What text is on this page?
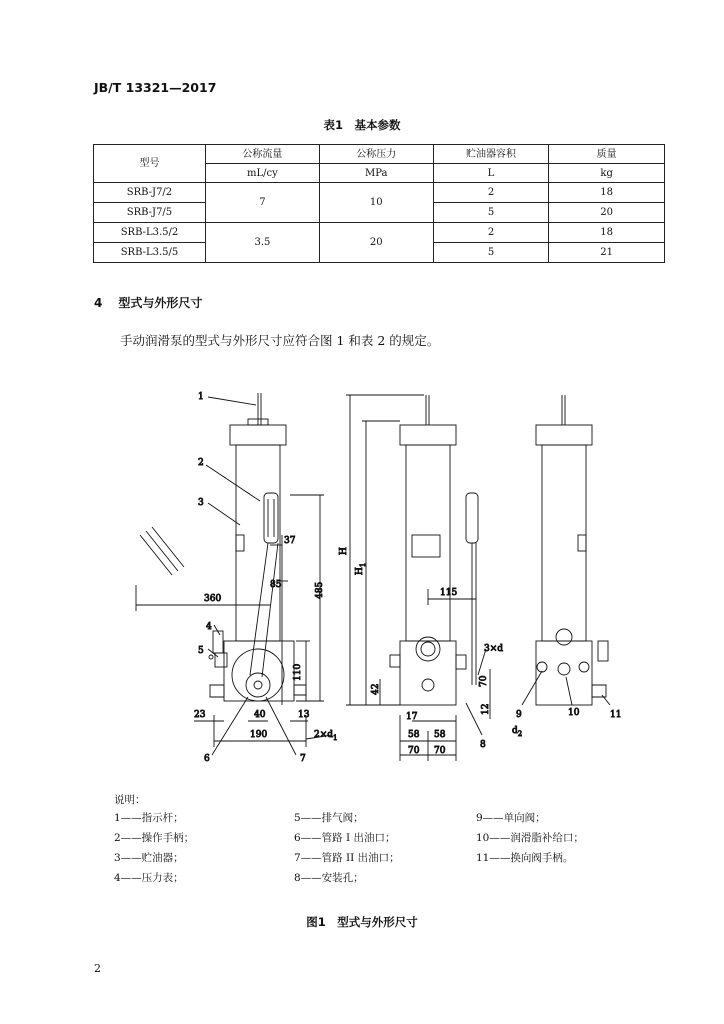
JB/T 13321—2017
表1　基本参数
型号	公称流量	公称压力	贮油器容积	质量
	mL/cy	MPa	L	kg
SRB-J7/2	7	10	2	18
SRB-J7/5			5	20
SRB-L3.5/2	3.5	20	2	18
SRB-L3.5/5			5	21
4 型式与外形尺寸
手动润滑泵的型式与外形尺寸应符合图 1 和表 2 的规定。
1
2
3
4
5
6	7
8
9	10	11
37
85
360	485
110
23	40	13
190	$2\times d_1$
H
$H_1$
115
3×d
70
42
12
17
58 58
70 70
$d_2$
说明：
1——指示杆；
2——操作手柄；
3——贮油器；
4——压力表；
5——排气阀；
6——管路 I 出油口；
7——管路 II 出油口；
8——安装孔；
9——单向阀；
10——润滑脂补给口；
11——换向阀手柄。
图1　型式与外形尺寸
2
